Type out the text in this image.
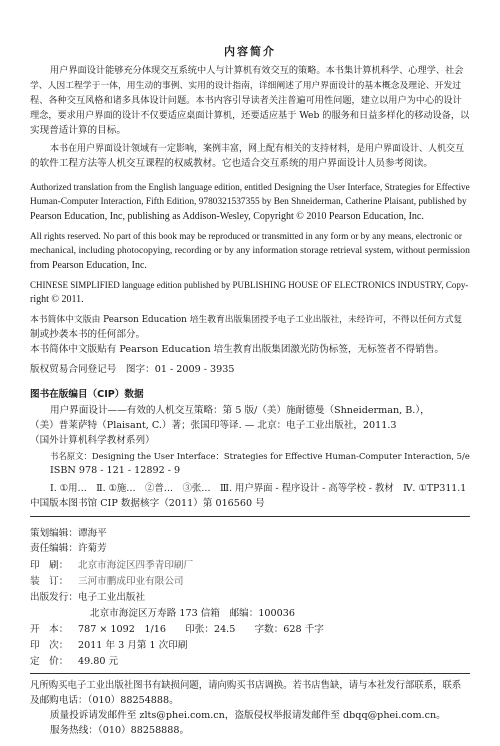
内容简介
用户界面设计能够充分体现交互系统中人与计算机有效交互的策略。本书集计算机科学、心理学、社会
学、人因工程学于一体，用生动的事例、实用的设计指南，详细阐述了用户界面设计的基本概念及理论、开发过
程、各种交互风格和诸多具体设计问题。本书内容引导读者关注普遍可用性问题，建立以用户为中心的设计
理念，要求用户界面的设计不仅要适应桌面计算机，还要适应基于 Web 的服务和日益多样化的移动设备，以
实现普适计算的目标。
本书在用户界面设计领域有一定影响，案例丰富，网上配有相关的支持材料，是用户界面设计、人机交互
的软件工程方法等人机交互课程的权威教材。它也适合交互系统的用户界面设计人员参考阅读。
Authorized translation from the English language edition, entitled Designing the User Interface, Strategies for Effective
Human-Computer Interaction, Fifth Edition, 9780321537355 by Ben Shneiderman, Catherine Plaisant, published by
Pearson Education, Inc, publishing as Addison-Wesley, Copyright © 2010 Pearson Education, Inc.
All rights reserved. No part of this book may be reproduced or transmitted in any form or by any means, electronic or
mechanical, including photocopying, recording or by any information storage retrieval system, without permission
from Pearson Education, Inc.
CHINESE SIMPLIFIED language edition published by PUBLISHING HOUSE OF ELECTRONICS INDUSTRY, Copy-
right © 2011.
本书简体中文版由 Pearson Education 培生教育出版集团授予电子工业出版社，未经许可，不得以任何方式复
制或抄袭本书的任何部分。
本书简体中文版贴有 Pearson Education 培生教育出版集团激光防伪标签，无标签者不得销售。
版权贸易合同登记号　图字：01 - 2009 - 3935
图书在版编目（CIP）数据
用户界面设计——有效的人机交互策略：第 5 版/（美）施耐德曼（Shneiderman, B.），
（美）普莱萨特（Plaisant, C.）著；张国印等译. — 北京：电子工业出版社，2011.3
（国外计算机科学教材系列）
书名原文：Designing the User Interface：Strategies for Effective Human-Computer Interaction, 5/e
ISBN 978 - 121 - 12892 - 9
Ⅰ. ①用…　Ⅱ. ①施…　②普…　③张…　Ⅲ. 用户界面 - 程序设计 - 高等学校 - 教材　Ⅳ. ①TP311.1
中国版本图书馆 CIP 数据核字（2011）第 016560 号
策划编辑：谭海平
责任编辑：许菊芳
印　刷： 北京市海淀区四季青印刷厂
装　订： 三河市鹏成印业有限公司
出版发行：电子工业出版社
北京市海淀区万寿路 173 信箱　邮编：100036
开　本： 787 × 1092　1/16　　印张：24.5　　字数：628 千字
印　次： 2011 年 3 月第 1 次印刷
定　价： 49.80 元
凡所购买电子工业出版社图书有缺损问题，请向购买书店调换。若书店售缺，请与本社发行部联系，联系
及邮购电话：（010）88254888。
质量投诉请发邮件至 zlts@phei.com.cn，盗版侵权举报请发邮件至 dbqq@phei.com.cn。
服务热线：（010）88258888。
